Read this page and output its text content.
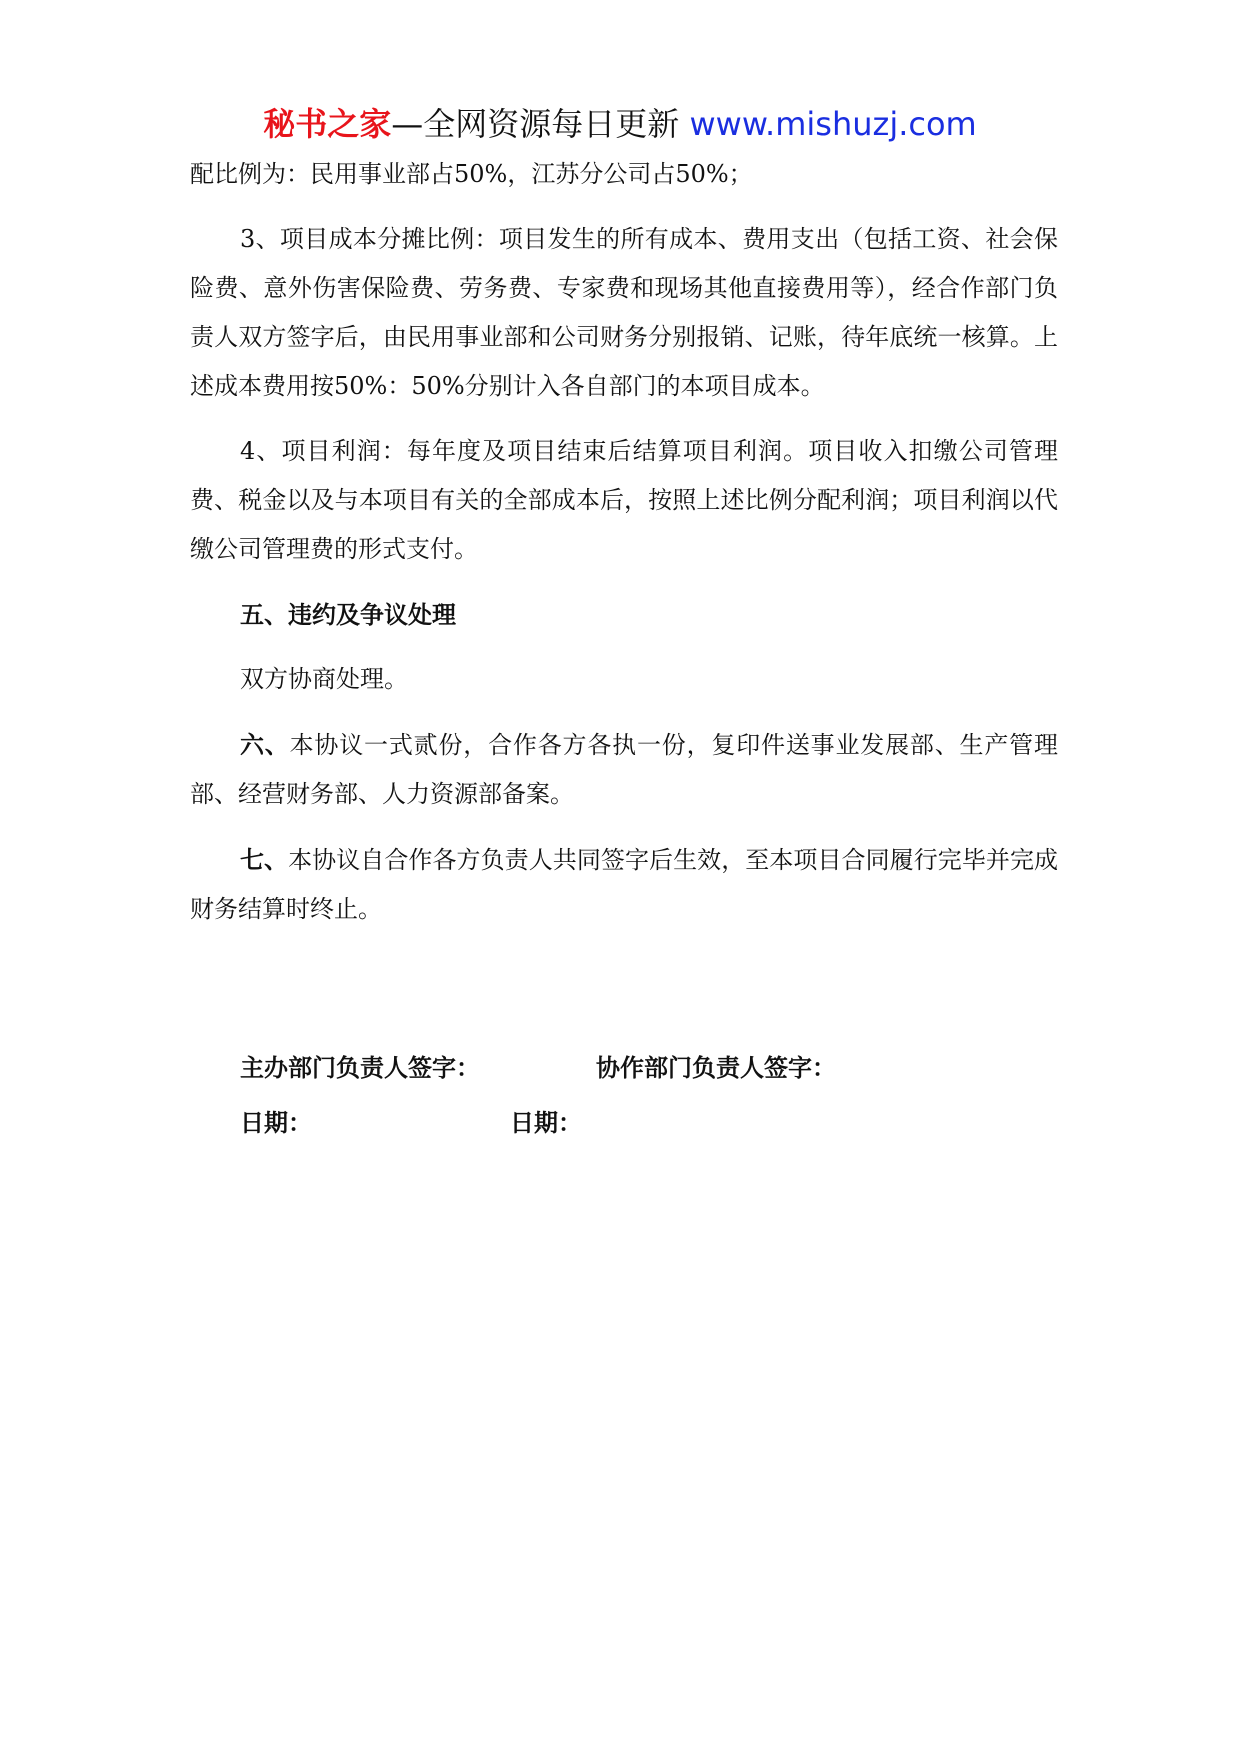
秘书之家—全网资源每日更新 www.mishuzj.com

配比例为：民用事业部占50%，江苏分公司占50%；

3、项目成本分摊比例：项目发生的所有成本、费用支出（包括工资、社会保险费、意外伤害保险费、劳务费、专家费和现场其他直接费用等），经合作部门负责人双方签字后，由民用事业部和公司财务分别报销、记账，待年底统一核算。上述成本费用按50%：50%分别计入各自部门的本项目成本。

4、项目利润：每年度及项目结束后结算项目利润。项目收入扣缴公司管理费、税金以及与本项目有关的全部成本后，按照上述比例分配利润；项目利润以代缴公司管理费的形式支付。

五、违约及争议处理

双方协商处理。

六、本协议一式贰份，合作各方各执一份，复印件送事业发展部、生产管理部、经营财务部、人力资源部备案。

七、本协议自合作各方负责人共同签字后生效，至本项目合同履行完毕并完成财务结算时终止。

主办部门负责人签字：	协作部门负责人签字：
日期：	日期：
